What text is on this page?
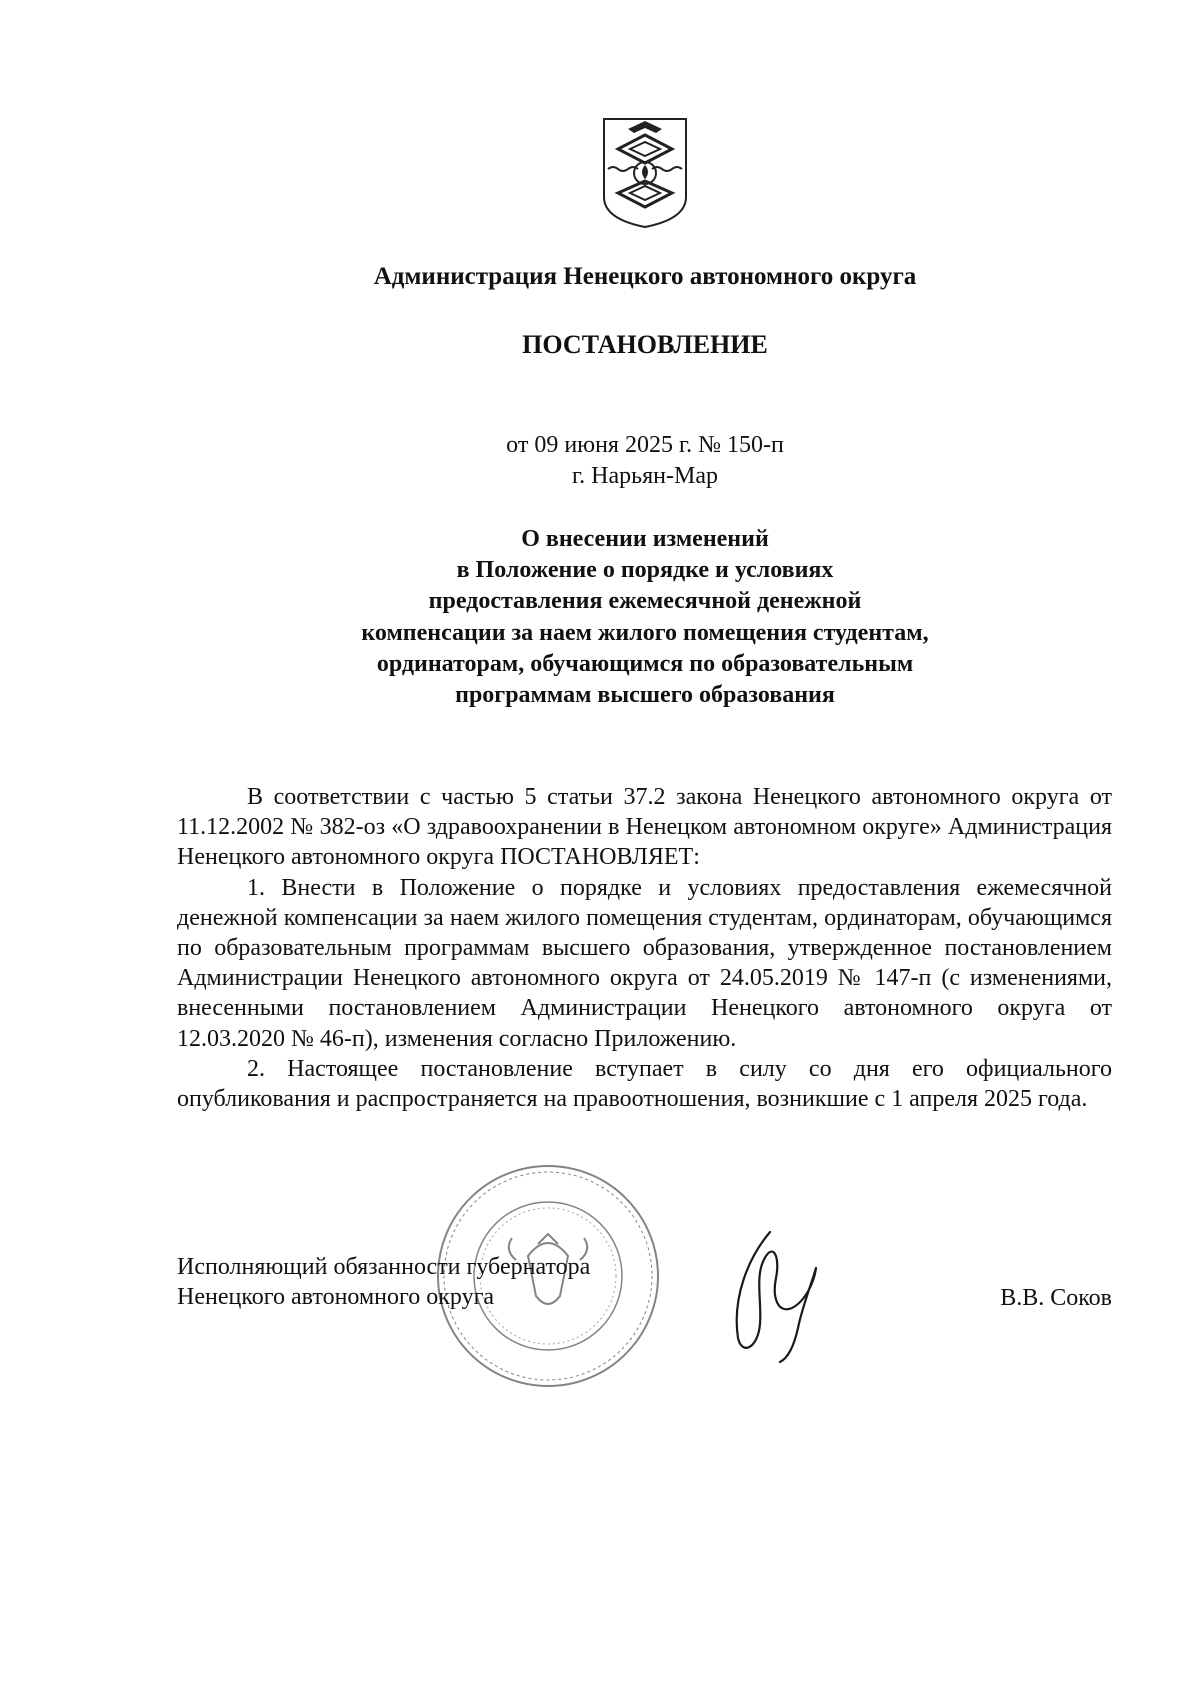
Администрация Ненецкого автономного округа
ПОСТАНОВЛЕНИЕ
от 09 июня 2025 г. № 150-п
г. Нарьян-Мар
О внесении изменений
в Положение о порядке и условиях
предоставления ежемесячной денежной
компенсации за наем жилого помещения студентам,
ординаторам, обучающимся по образовательным
программам высшего образования

В соответствии с частью 5 статьи 37.2 закона Ненецкого автономного округа от 11.12.2002 № 382-оз «О здравоохранении в Ненецком автономном округе» Администрация Ненецкого автономного округа ПОСТАНОВЛЯЕТ:

1. Внести в Положение о порядке и условиях предоставления ежемесячной денежной компенсации за наем жилого помещения студентам, ординаторам, обучающимся по образовательным программам высшего образования, утвержденное постановлением Администрации Ненецкого автономного округа от 24.05.2019 № 147-п (с изменениями, внесенными постановлением Администрации Ненецкого автономного округа от 12.03.2020 № 46-п), изменения согласно Приложению.

2. Настоящее постановление вступает в силу со дня его официального опубликования и распространяется на правоотношения, возникшие с 1 апреля 2025 года.

Исполняющий обязанности губернатора
Ненецкого автономного округа	В.В. Соков
